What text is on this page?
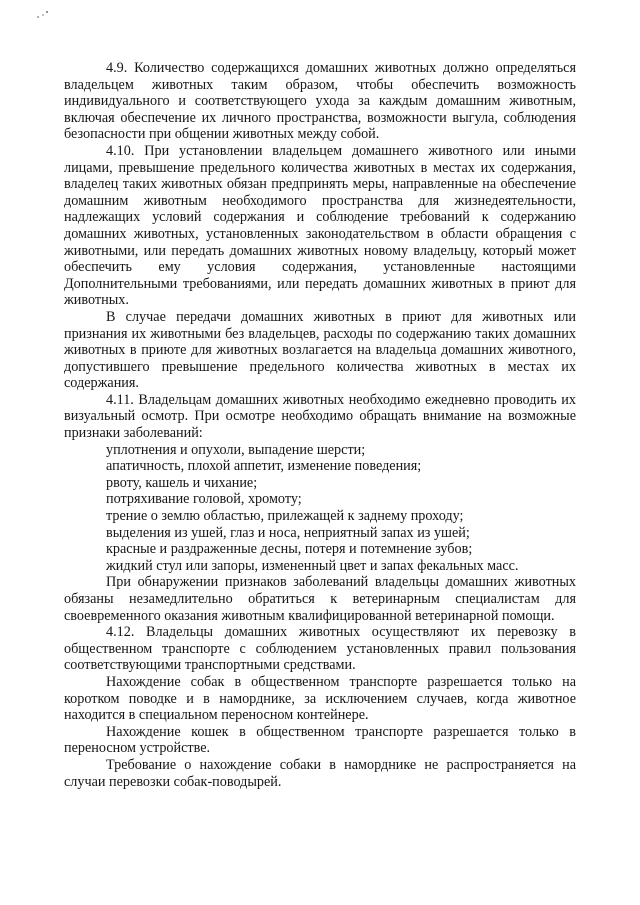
4.9. Количество содержащихся домашних животных должно определяться владельцем животных таким образом, чтобы обеспечить возможность индивидуального и соответствующего ухода за каждым домашним животным, включая обеспечение их личного пространства, возможности выгула, соблюдения безопасности при общении животных между собой.

4.10. При установлении владельцем домашнего животного или иными лицами, превышение предельного количества животных в местах их содержания, владелец таких животных обязан предпринять меры, направленные на обеспечение домашним животным необходимого пространства для жизнедеятельности, надлежащих условий содержания и соблюдение требований к содержанию домашних животных, установленных законодательством в области обращения с животными, или передать домашних животных новому владельцу, который может обеспечить ему условия содержания, установленные настоящими Дополнительными требованиями, или передать домашних животных в приют для животных.

В случае передачи домашних животных в приют для животных или признания их животными без владельцев, расходы по содержанию таких домашних животных в приюте для животных возлагается на владельца домашних животного, допустившего превышение предельного количества животных в местах их содержания.

4.11. Владельцам домашних животных необходимо ежедневно проводить их визуальный осмотр. При осмотре необходимо обращать внимание на возможные признаки заболеваний:

уплотнения и опухоли, выпадение шерсти;

апатичность, плохой аппетит, изменение поведения;

рвоту, кашель и чихание;

потряхивание головой, хромоту;

трение о землю областью, прилежащей к заднему проходу;

выделения из ушей, глаз и носа, неприятный запах из ушей;

красные и раздраженные десны, потеря и потемнение зубов;

жидкий стул или запоры, измененный цвет и запах фекальных масс.

При обнаружении признаков заболеваний владельцы домашних животных обязаны незамедлительно обратиться к ветеринарным специалистам для своевременного оказания животным квалифицированной ветеринарной помощи.

4.12. Владельцы домашних животных осуществляют их перевозку в общественном транспорте с соблюдением установленных правил пользования соответствующими транспортными средствами.

Нахождение собак в общественном транспорте разрешается только на коротком поводке и в наморднике, за исключением случаев, когда животное находится в специальном переносном контейнере.

Нахождение кошек в общественном транспорте разрешается только в переносном устройстве.

Требование о нахождение собаки в наморднике не распространяется на случаи перевозки собак-поводырей.
